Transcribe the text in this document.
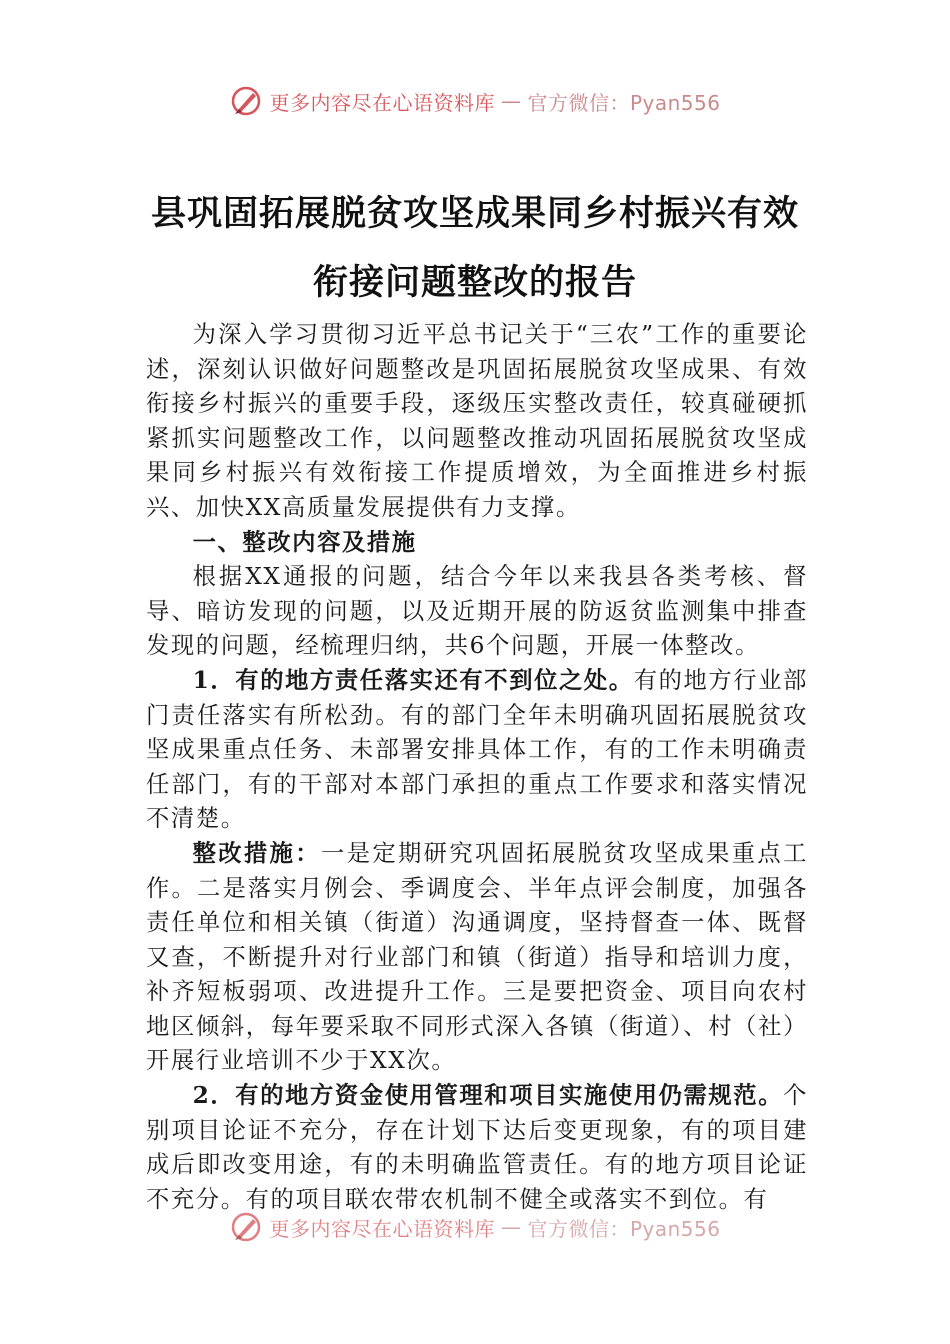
更多内容尽在心语资料库 — 官方微信：Pyan556
县巩固拓展脱贫攻坚成果同乡村振兴有效
衔接问题整改的报告

为深入学习贯彻习近平总书记关于“三农”工作的重要论述，深刻认识做好问题整改是巩固拓展脱贫攻坚成果、有效衔接乡村振兴的重要手段，逐级压实整改责任，较真碰硬抓紧抓实问题整改工作，以问题整改推动巩固拓展脱贫攻坚成果同乡村振兴有效衔接工作提质增效，为全面推进乡村振兴、加快XX高质量发展提供有力支撑。

一、整改内容及措施

根据XX通报的问题，结合今年以来我县各类考核、督导、暗访发现的问题，以及近期开展的防返贫监测集中排查发现的问题，经梳理归纳，共6个问题，开展一体整改。

1．有的地方责任落实还有不到位之处。有的地方行业部门责任落实有所松劲。有的部门全年未明确巩固拓展脱贫攻坚成果重点任务、未部署安排具体工作，有的工作未明确责任部门，有的干部对本部门承担的重点工作要求和落实情况不清楚。

整改措施：一是定期研究巩固拓展脱贫攻坚成果重点工作。二是落实月例会、季调度会、半年点评会制度，加强各责任单位和相关镇（街道）沟通调度，坚持督查一体、既督又查，不断提升对行业部门和镇（街道）指导和培训力度，补齐短板弱项、改进提升工作。三是要把资金、项目向农村地区倾斜，每年要采取不同形式深入各镇（街道）、村（社）开展行业培训不少于XX次。

2．有的地方资金使用管理和项目实施使用仍需规范。个别项目论证不充分，存在计划下达后变更现象，有的项目建成后即改变用途，有的未明确监管责任。有的地方项目论证不充分。有的项目联农带农机制不健全或落实不到位。有

更多内容尽在心语资料库 — 官方微信：Pyan556
